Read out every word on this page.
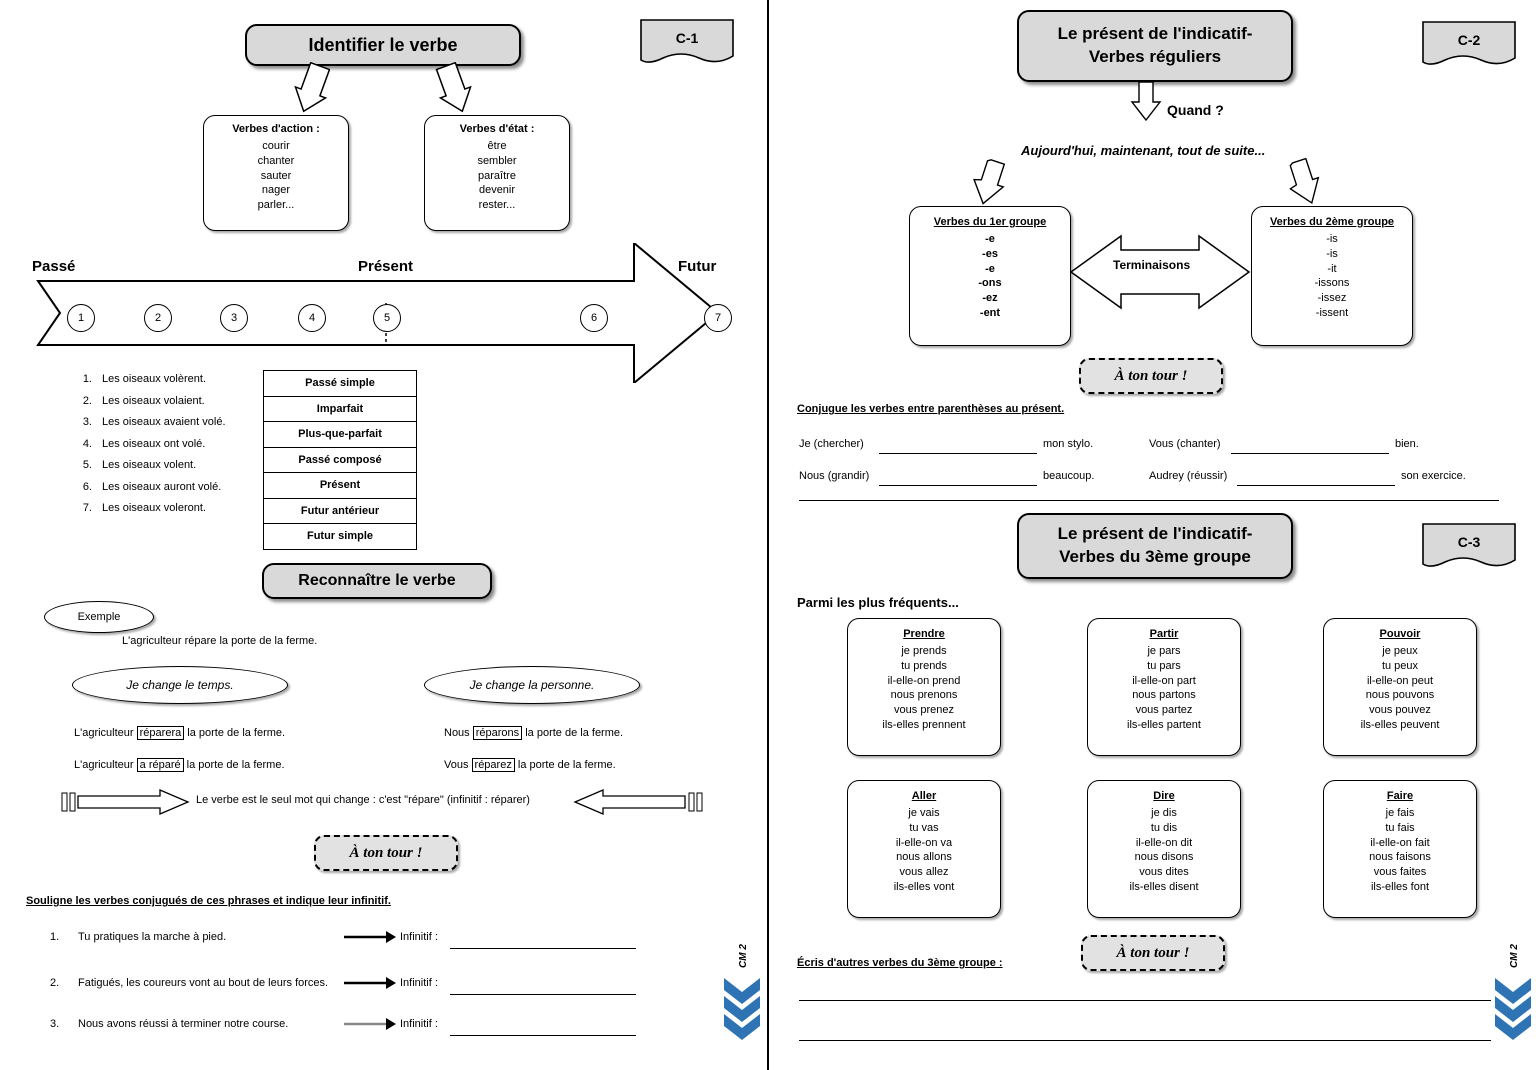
Identifier le verbe	C-1
Verbes d'action :
courir
chanter
sauter
nager
parler...
Verbes d'état :
être
sembler
paraître
devenir
rester...
Passé	Présent	Futur
1	2	3	4	5	6	7
1. Les oiseaux volèrent.
2. Les oiseaux volaient.
3. Les oiseaux avaient volé.
4. Les oiseaux ont volé.
5. Les oiseaux volent.
6. Les oiseaux auront volé.
7. Les oiseaux voleront.
Passé simple
Imparfait
Plus-que-parfait
Passé composé
Présent
Futur antérieur
Futur simple
Reconnaître le verbe
Exemple
L'agriculteur répare la porte de la ferme.
Je change le temps.	Je change la personne.
L'agriculteur réparera la porte de la ferme.
L'agriculteur a réparé la porte de la ferme.
Nous réparons la porte de la ferme.
Vous réparez la porte de la ferme.
Le verbe est le seul mot qui change : c'est "répare" (infinitif : réparer)
À ton tour !
Souligne les verbes conjugués de ces phrases et indique leur infinitif.
1. Tu pratiques la marche à pied.	Infinitif :
2. Fatigués, les coureurs vont au bout de leurs forces.	Infinitif :
3. Nous avons réussi à terminer notre course.	Infinitif :
CM 2
Le présent de l'indicatif-
Verbes réguliers
C-2
Quand ?
Aujourd'hui, maintenant, tout de suite...
Verbes du 1er groupe
-e
-es
-e
-ons
-ez
-ent
Verbes du 2ème groupe
-is
-is
-it
-issons
-issez
-issent
Terminaisons
À ton tour !
Conjugue les verbes entre parenthèses au présent.
Je (chercher)	mon stylo.	Vous (chanter)	bien.
Nous (grandir)	beaucoup.	Audrey (réussir)	son exercice.
Le présent de l'indicatif-
Verbes du 3ème groupe
C-3
Parmi les plus fréquents...
Prendre
je prends
tu prends
il-elle-on prend
nous prenons
vous prenez
ils-elles prennent
Partir
je pars
tu pars
il-elle-on part
nous partons
vous partez
ils-elles partent
Pouvoir
je peux
tu peux
il-elle-on peut
nous pouvons
vous pouvez
ils-elles peuvent
Aller
je vais
tu vas
il-elle-on va
nous allons
vous allez
ils-elles vont
Dire
je dis
tu dis
il-elle-on dit
nous disons
vous dites
ils-elles disent
Faire
je fais
tu fais
il-elle-on fait
nous faisons
vous faites
ils-elles font
À ton tour !
Écris d'autres verbes du 3ème groupe :	CM 2
